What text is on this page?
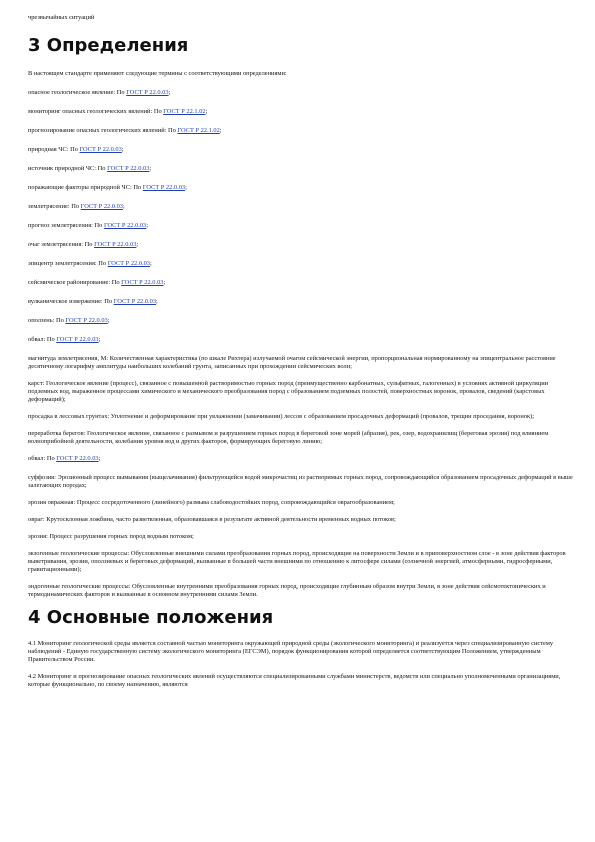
чрезвычайных ситуаций

3 Определения

В настоящем стандарте применяют следующие термины с соответствующими определениями:

опасное геологическое явление: По ГОСТ Р 22.0.03;

мониторинг опасных геологических явлений: По ГОСТ Р 22.1.02;

прогнозирование опасных геологических явлений: По ГОСТ Р 22.1.02;

природная ЧС: По ГОСТ Р 22.0.03;

источник природной ЧС: По ГОСТ Р 22.0.03;

поражающие факторы природной ЧС: По ГОСТ Р 22.0.03;

землетрясение: По ГОСТ Р 22.0.03;

прогноз землетрясения: По ГОСТ Р 22.0.03;

очаг землетрясения: По ГОСТ Р 22.0.03;

эпицентр землетрясения: По ГОСТ Р 22.0.03;

сейсмическое районирование: По ГОСТ Р 22.0.03;

вулканическое извержение: По ГОСТ Р 22.0.03;

оползень: По ГОСТ Р 22.0.03;

обвал: По ГОСТ Р 22.0.03;

магнитуда землетрясения, М: Количественная характеристика (по шкале Рихтера) излучаемой очагом сейсмической энергии, пропорциональная нормированному на эпицентральное расстояние десятичному логарифму амплитуды наибольших колебаний грунта, записанных при прохождении сейсмических волн;

карст: Геологическое явление (процесс), связанное с повышенной растворимостью горных пород (преимущественно карбонатных, сульфатных, галогенных) в условиях активной циркуляции подземных вод, выраженное процессами химического и механического преобразования пород с образованием подземных полостей, поверхностных воронок, провалов, сведений (карстовых деформаций);

просадка в лессовых грунтах: Уплотнение и деформирование при увлажнении (замачивании) лессов с образованием просадочных деформаций (провалов, трещин проседания, воронок);

переработка берегов: Геологическое явление, связанное с размывом и разрушением горных пород в береговой зоне морей (абразия), рек, озер, водохранилищ (береговая эрозия) под влиянием волноприбойной деятельности, колебания уровня вод и других факторов, формирующих береговую линию;

обвал: По ГОСТ Р 22.0.03;

суффозия: Эрозионный процесс вымывания (выщелачивания) фильтрующейся водой микрочастиц из растворимых горных пород, сопровождающийся образованием просадочных деформаций в выше залегающих породах;

эрозия овражная: Процесс сосредоточенного (линейного) размыва слабоводостойких пород, сопровождающийся оврагообразованием;

овраг: Крутосклонная ложбина, часто разветвленная, образовавшаяся в результате активной деятельности временных водных потоков;

эрозия: Процесс разрушения горных пород водным потоком;

экзогенные геологические процессы: Обусловленные внешними силами преобразования горных пород, происходящие на поверхности Земли и в приповерхностном слое - в зоне действия факторов выветривания, эрозии, оползневых и береговых деформаций, вызванные в большей части внешними по отношению к литосфере силами (солнечной энергией, атмосферными, гидросферными, гравитационными);

эндогенные геологические процессы: Обусловленные внутренними преобразования горных пород, происходящие глубинным образом внутри Земли, в зоне действия сейсмотектонических и термодинамических факторов и вызванные в основном внутренними силами Земли.

4 Основные положения

4.1 Мониторинг геологической среды является составной частью мониторинга окружающей природной среды (экологического мониторинга) и реализуется через специализированную систему наблюдений - Единую государственную систему экологического мониторинга (ЕГСЭМ), порядок функционирования которой определяется соответствующим Положением, утвержденным Правительством России.

4.2 Мониторинг и прогнозирование опасных геологических явлений осуществляются специализированными службами министерств, ведомств или специально уполномоченными организациями, которые функционально, по своему назначению, являются
